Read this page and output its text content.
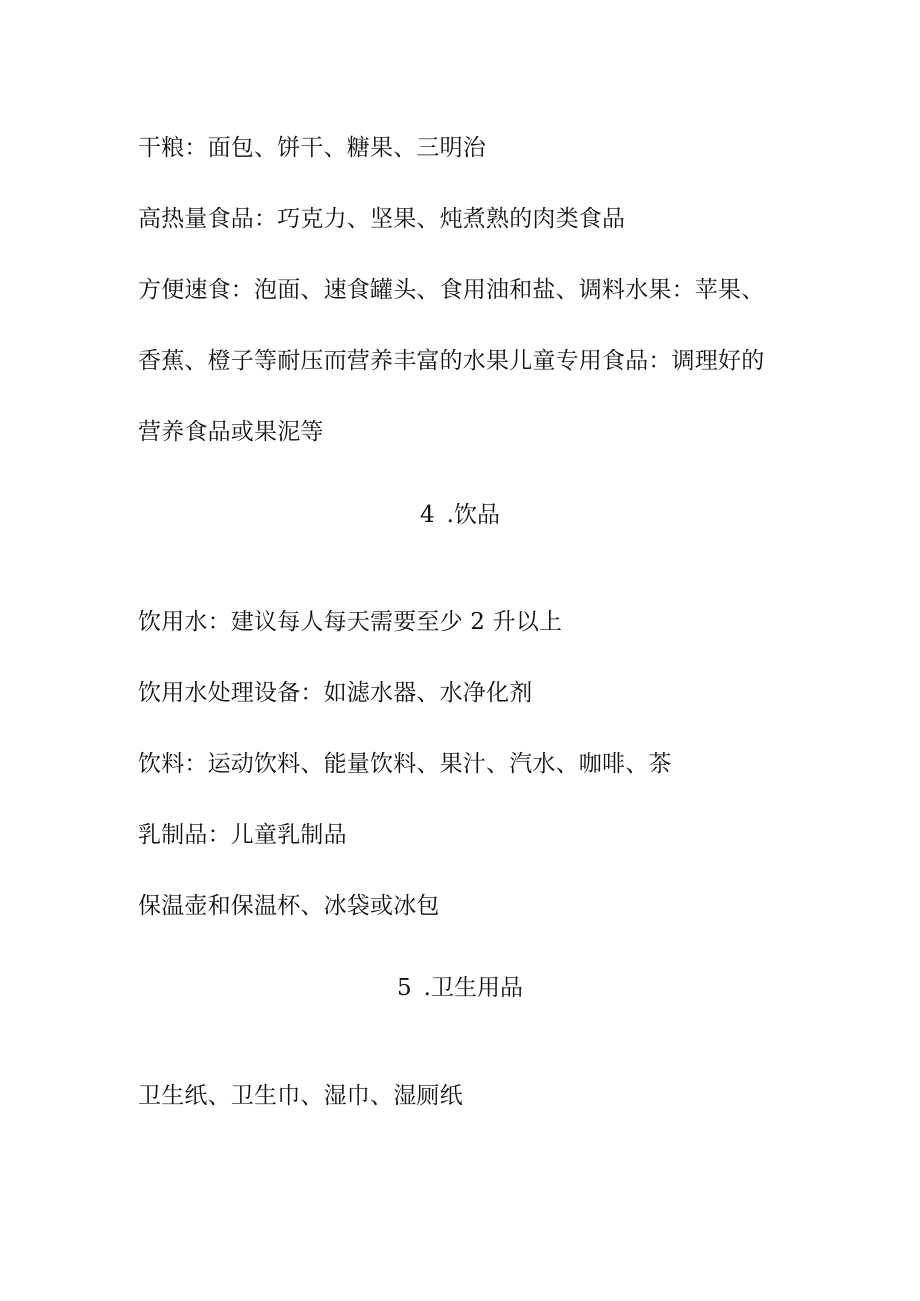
干粮：面包、饼干、糖果、三明治
高热量食品：巧克力、坚果、炖煮熟的肉类食品
方便速食：泡面、速食罐头、食用油和盐、调料水果：苹果、
香蕉、橙子等耐压而营养丰富的水果儿童专用食品：调理好的
营养食品或果泥等
4 .饮品
饮用水：建议每人每天需要至少 2 升以上
饮用水处理设备：如滤水器、水净化剂
饮料：运动饮料、能量饮料、果汁、汽水、咖啡、茶
乳制品：儿童乳制品
保温壶和保温杯、冰袋或冰包
5 .卫生用品
卫生纸、卫生巾、湿巾、湿厕纸
